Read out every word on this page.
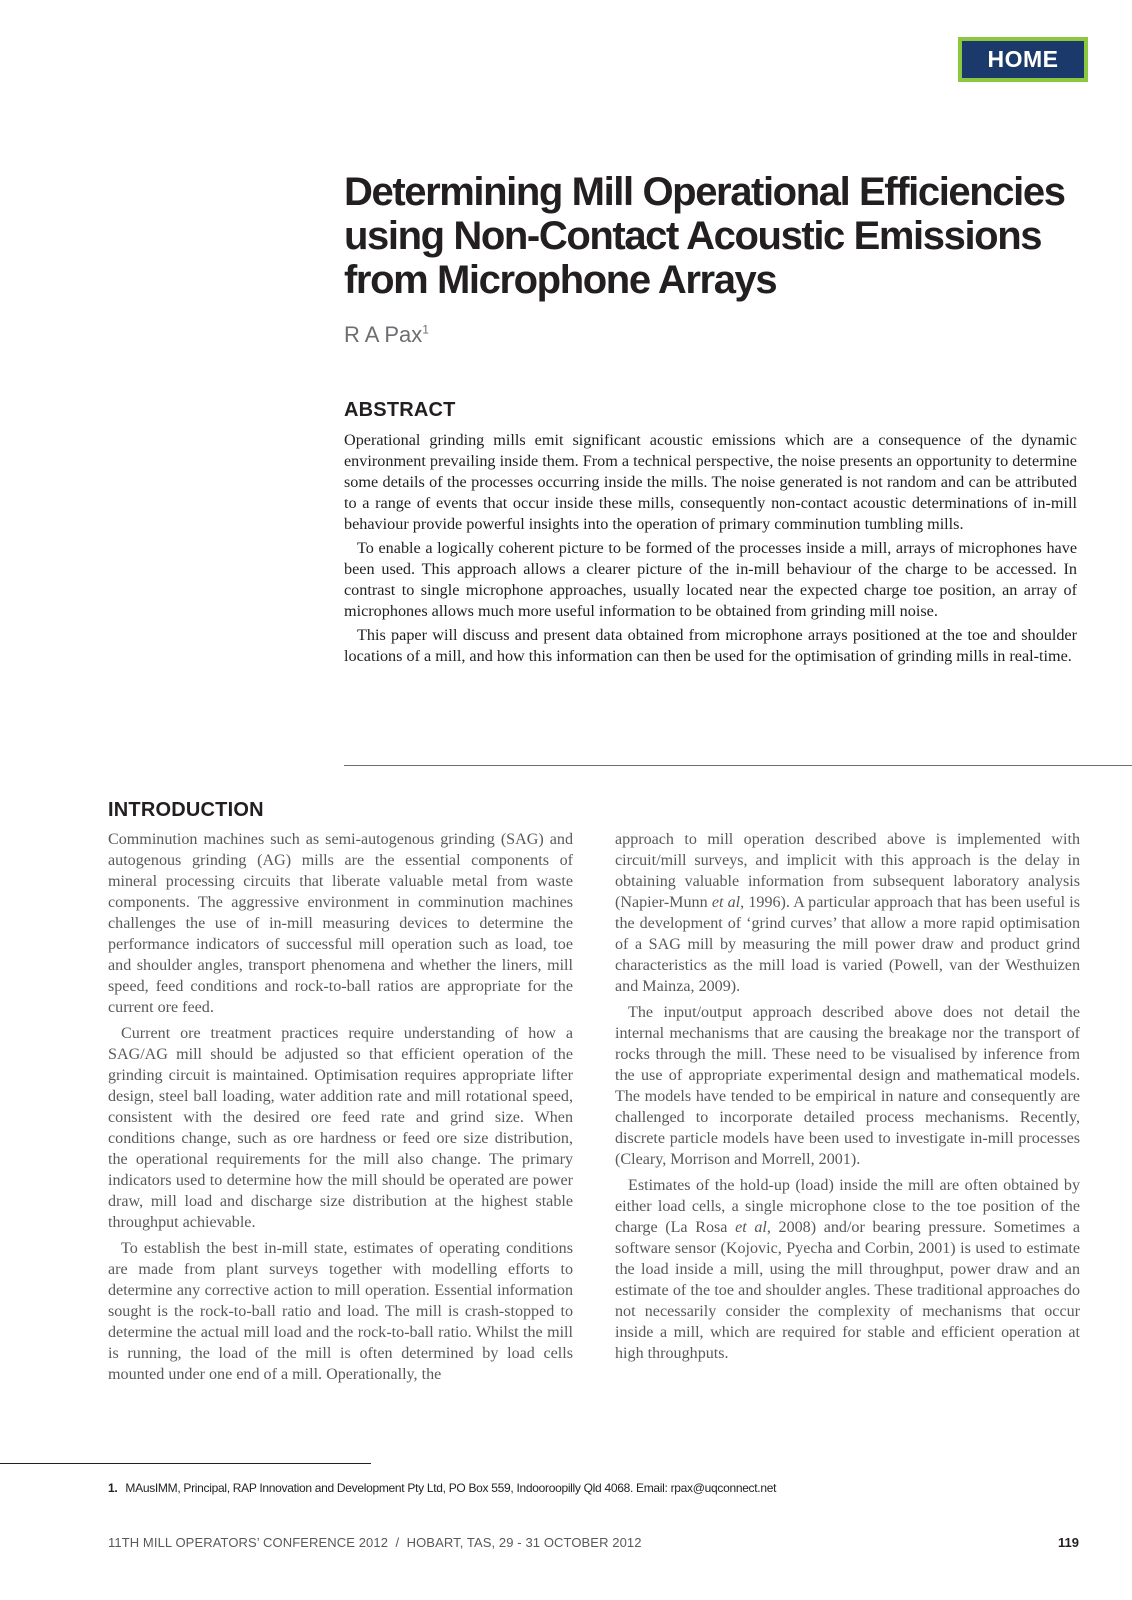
HOME
Determining Mill Operational Efficiencies using Non-Contact Acoustic Emissions from Microphone Arrays
R A Pax$^1$
ABSTRACT

Operational grinding mills emit significant acoustic emissions which are a consequence of the dynamic environment prevailing inside them. From a technical perspective, the noise presents an opportunity to determine some details of the processes occurring inside the mills. The noise generated is not random and can be attributed to a range of events that occur inside these mills, consequently non-contact acoustic determinations of in-mill behaviour provide powerful insights into the operation of primary comminution tumbling mills.

To enable a logically coherent picture to be formed of the processes inside a mill, arrays of microphones have been used. This approach allows a clearer picture of the in-mill behaviour of the charge to be accessed. In contrast to single microphone approaches, usually located near the expected charge toe position, an array of microphones allows much more useful information to be obtained from grinding mill noise.

This paper will discuss and present data obtained from microphone arrays positioned at the toe and shoulder locations of a mill, and how this information can then be used for the optimisation of grinding mills in real-time.

INTRODUCTION

Comminution machines such as semi-autogenous grinding (SAG) and autogenous grinding (AG) mills are the essential components of mineral processing circuits that liberate valuable metal from waste components. The aggressive environment in comminution machines challenges the use of in-mill measuring devices to determine the performance indicators of successful mill operation such as load, toe and shoulder angles, transport phenomena and whether the liners, mill speed, feed conditions and rock-to-ball ratios are appropriate for the current ore feed.

Current ore treatment practices require understanding of how a SAG/AG mill should be adjusted so that efficient operation of the grinding circuit is maintained. Optimisation requires appropriate lifter design, steel ball loading, water addition rate and mill rotational speed, consistent with the desired ore feed rate and grind size. When conditions change, such as ore hardness or feed ore size distribution, the operational requirements for the mill also change. The primary indicators used to determine how the mill should be operated are power draw, mill load and discharge size distribution at the highest stable throughput achievable.

To establish the best in-mill state, estimates of operating conditions are made from plant surveys together with modelling efforts to determine any corrective action to mill operation. Essential information sought is the rock-to-ball ratio and load. The mill is crash-stopped to determine the actual mill load and the rock-to-ball ratio. Whilst the mill is running, the load of the mill is often determined by load cells mounted under one end of a mill. Operationally, the

approach to mill operation described above is implemented with circuit/mill surveys, and implicit with this approach is the delay in obtaining valuable information from subsequent laboratory analysis (Napier-Munn et al, 1996). A particular approach that has been useful is the development of ‘grind curves’ that allow a more rapid optimisation of a SAG mill by measuring the mill power draw and product grind characteristics as the mill load is varied (Powell, van der Westhuizen and Mainza, 2009).

The input/output approach described above does not detail the internal mechanisms that are causing the breakage nor the transport of rocks through the mill. These need to be visualised by inference from the use of appropriate experimental design and mathematical models. The models have tended to be empirical in nature and consequently are challenged to incorporate detailed process mechanisms. Recently, discrete particle models have been used to investigate in-mill processes (Cleary, Morrison and Morrell, 2001).

Estimates of the hold-up (load) inside the mill are often obtained by either load cells, a single microphone close to the toe position of the charge (La Rosa et al, 2008) and/or bearing pressure. Sometimes a software sensor (Kojovic, Pyecha and Corbin, 2001) is used to estimate the load inside a mill, using the mill throughput, power draw and an estimate of the toe and shoulder angles. These traditional approaches do not necessarily consider the complexity of mechanisms that occur inside a mill, which are required for stable and efficient operation at high throughputs.

1. MAusIMM, Principal, RAP Innovation and Development Pty Ltd, PO Box 559, Indooroopilly Qld 4068. Email: rpax@uqconnect.net
11TH MILL OPERATORS’ CONFERENCE 2012  /  HOBART, TAS, 29 - 31 OCTOBER 2012	119
